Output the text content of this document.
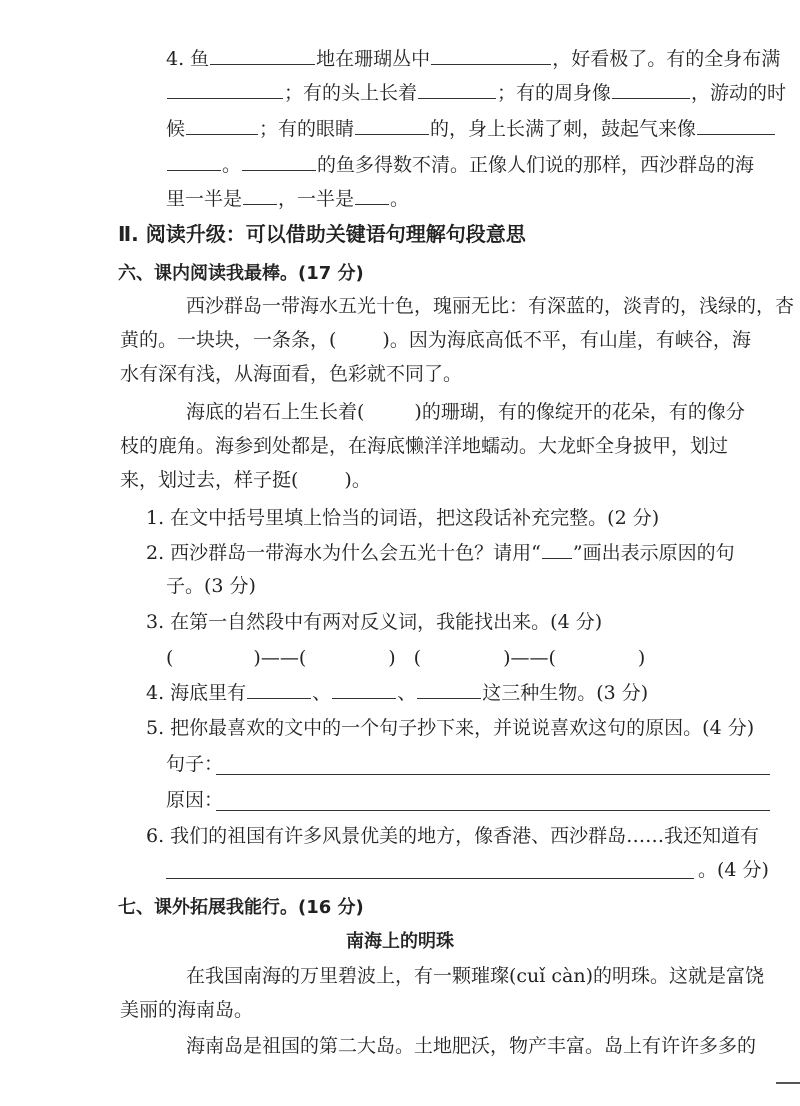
4. 鱼	地在珊瑚丛中	，好看极了。有的全身布满
；有的头上长着	；有的周身像	，游动的时
候	；有的眼睛	的，身上长满了刺，鼓起气来像
。	的鱼多得数不清。正像人们说的那样，西沙群岛的海
里一半是 ，一半是 。
Ⅱ. 阅读升级：可以借助关键语句理解句段意思
六、课内阅读我最棒。(17 分)
西沙群岛一带海水五光十色，瑰丽无比：有深蓝的，淡青的，浅绿的，杏
黄的。一块块，一条条，( )。因为海底高低不平，有山崖，有峡谷，海
水有深有浅，从海面看，色彩就不同了。
海底的岩石上生长着(	)的珊瑚，有的像绽开的花朵，有的像分
枝的鹿角。海参到处都是，在海底懒洋洋地蠕动。大龙虾全身披甲，划过
来，划过去，样子挺( )。
1. 在文中括号里填上恰当的词语，把这段话补充完整。(2 分)
2. 西沙群岛一带海水为什么会五光十色？请用“ ”画出表示原因的句
子。(3 分)
3. 在第一自然段中有两对反义词，我能找出来。(4 分)
(	)——(	) (	)——(	)
4. 海底里有	、	、	这三种生物。(3 分)
5. 把你最喜欢的文中的一个句子抄下来，并说说喜欢这句的原因。(4 分)
句子：
原因：
6. 我们的祖国有许多风景优美的地方，像香港、西沙群岛……我还知道有
。(4 分)
七、课外拓展我能行。(16 分)
南海上的明珠
在我国南海的万里碧波上，有一颗璀璨(cuǐ càn)的明珠。这就是富饶
美丽的海南岛。
海南岛是祖国的第二大岛。土地肥沃，物产丰富。岛上有许许多多的
